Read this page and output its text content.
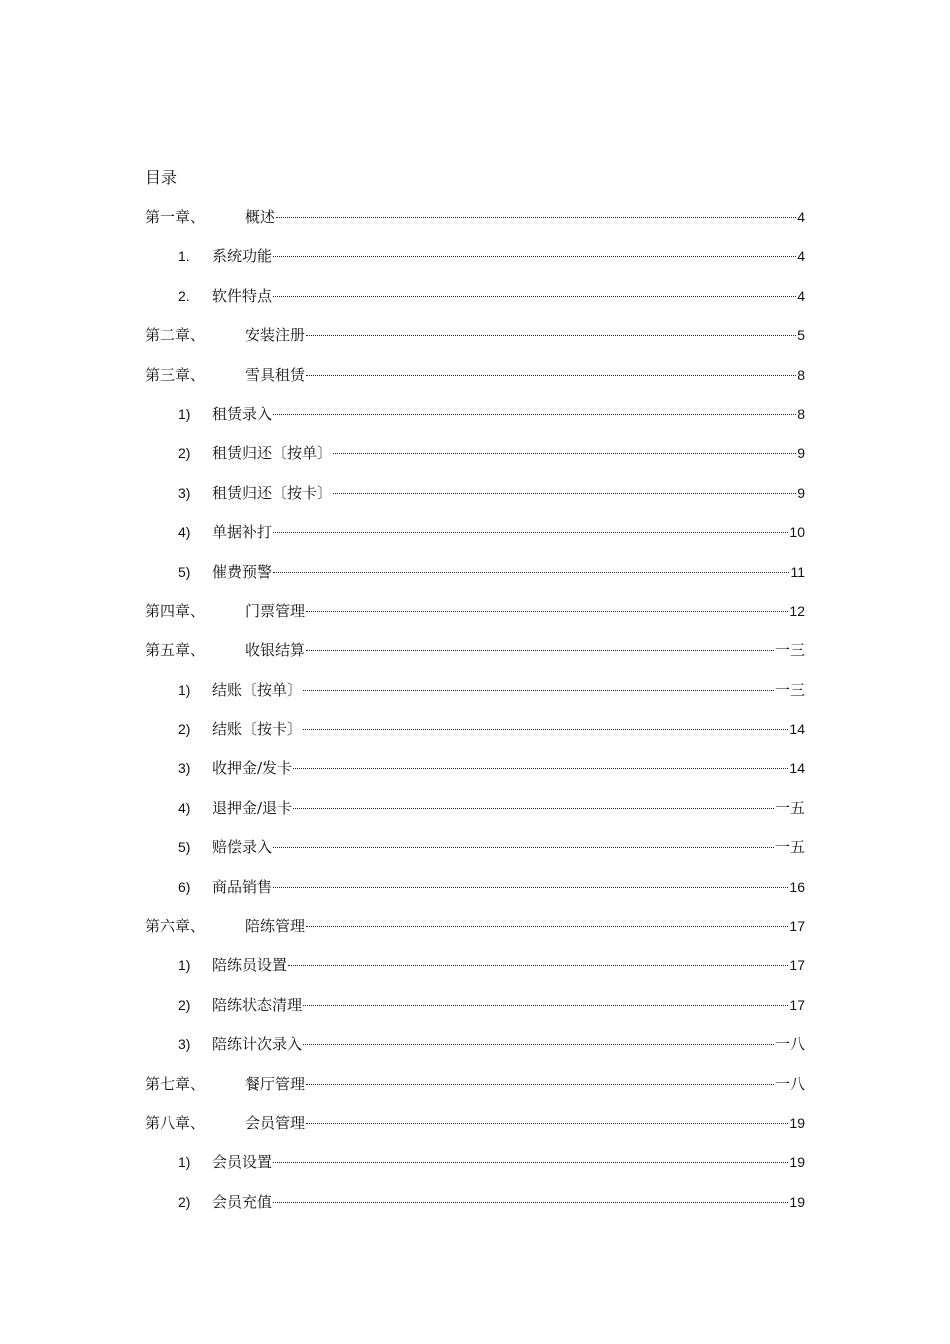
目录
第一章、	概述	4
1.	系统功能	4
2.	软件特点	4
第二章、	安装注册	5
第三章、	雪具租赁	8
1)	租赁录入	8
2)	租赁归还〔按单〕	9
3)	租赁归还〔按卡〕	9
4)	单据补打	10
5)	催费预警	11
第四章、	门票管理	12
第五章、	收银结算	一三
1)	结账〔按单〕	一三
2)	结账〔按卡〕	14
3)	收押金/发卡	14
4)	退押金/退卡	一五
5)	赔偿录入	一五
6)	商品销售	16
第六章、	陪练管理	17
1)	陪练员设置	17
2)	陪练状态清理	17
3)	陪练计次录入	一八
第七章、	餐厅管理	一八
第八章、	会员管理	19
1)	会员设置	19
2)	会员充值	19
